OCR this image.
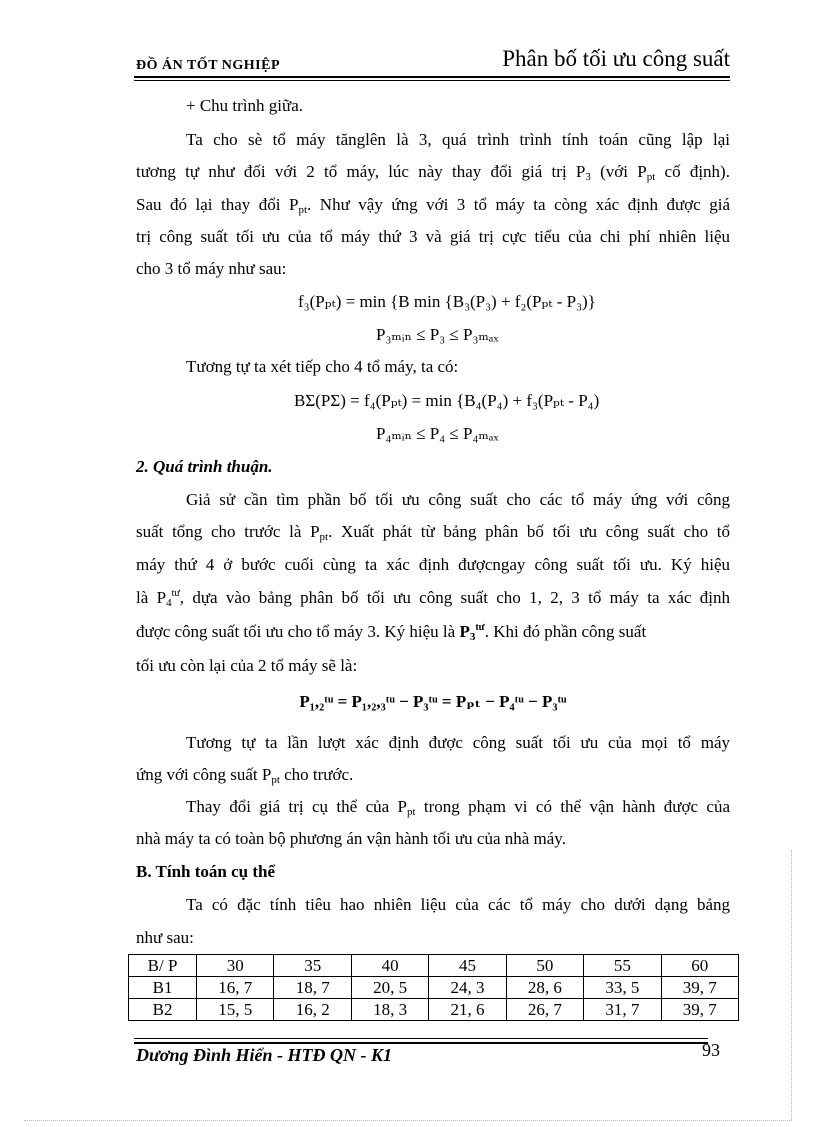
ĐỒ ÁN TỐT NGHIỆP	Phân bố tối ưu công suất
+ Chu trình giữa.
Ta cho sè tổ máy tănglên là 3, quá trình trình tính toán cũng lập lại
tương tự như đối với 2 tổ máy, lúc này thay đổi giá trị $P_3$ (với $P_{pt}$ cố định).
Sau đó lại thay đổi $P_{pt}$. Như vậy ứng với 3 tổ máy ta còng xác định được giá
trị công suất tối ưu của tổ máy thứ 3 và giá trị cực tiểu của chi phí nhiên liệu
cho 3 tổ máy như sau:
f₃(Pₚₜ) = min {B min {B₃(P₃) + f₂(Pₚₜ - P₃)}
P₃ₘᵢₙ ≤ P₃ ≤ P₃ₘₐₓ
Tương tự ta xét tiếp cho 4 tổ máy, ta có:
BΣ(PΣ) = f₄(Pₚₜ) = min {B₄(P₄) + f₃(Pₚₜ - P₄)
P₄ₘᵢₙ ≤ P₄ ≤ P₄ₘₐₓ
2. Quá trình thuận.
Giả sử cần tìm phần bố tối ưu công suất cho các tổ máy ứng với công
suất tổng cho trước là $P_{pt}$. Xuất phát từ bảng phân bố tối ưu công suất cho tổ
máy thứ 4 ở bước cuối cùng ta xác định đượcngay công suất tối ưu. Ký hiệu
là $P_4^{tư}$, dựa vào bảng phân bố tối ưu công suất cho 1, 2, 3 tổ máy ta xác định
được công suất tối ưu cho tổ máy 3. Ký hiệu là $P_3^{tư}$. Khi đó phần công suất
tối ưu còn lại của 2 tổ máy sẽ là:
P₁,₂ᵗᵘ = P₁,₂,₃ᵗᵘ − P₃ᵗᵘ = Pₚₜ − P₄ᵗᵘ − P₃ᵗᵘ
Tương tự ta lần lượt xác định được công suất tối ưu của mọi tổ máy
ứng với công suất $P_{pt}$ cho trước.
Thay đổi giá trị cụ thể của $P_{pt}$ trong phạm vi có thể vận hành được của
nhà máy ta có toàn bộ phương án vận hành tối ưu của nhà máy.
B. Tính toán cụ thể
Ta có đặc tính tiêu hao nhiên liệu của các tổ máy cho dưới dạng bảng
như sau:
B/ P	30	35	40	45	50	55	60
B1	16, 7	18, 7	20, 5	24, 3	28, 6	33, 5	39, 7
B2	15, 5	16, 2	18, 3	21, 6	26, 7	31, 7	39, 7
Dương Đình Hiển - HTĐ QN - K1	93
